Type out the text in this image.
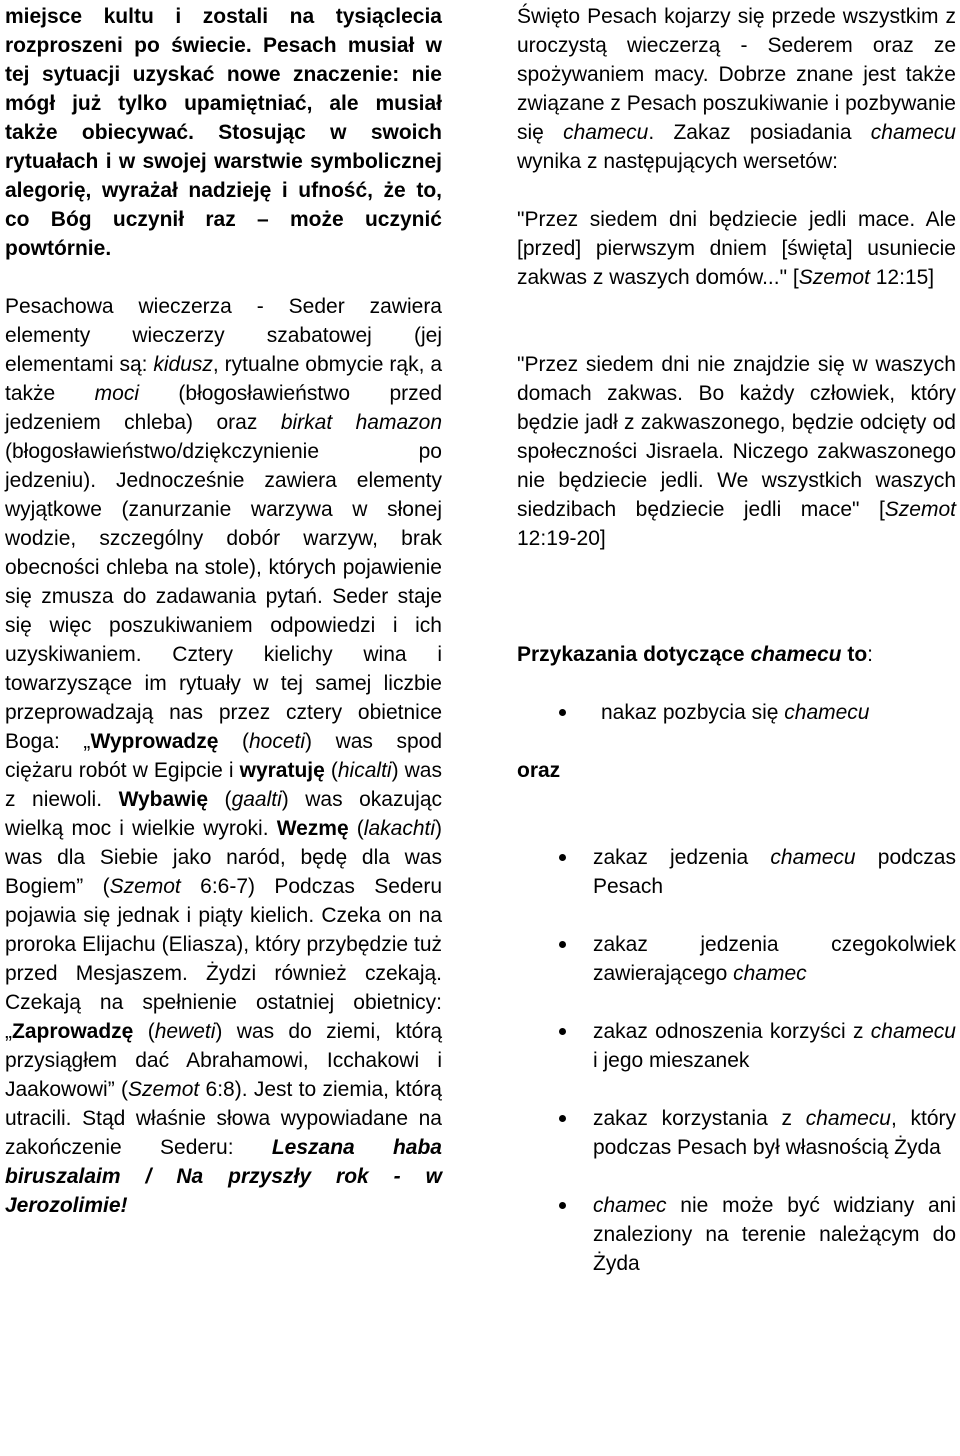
miejsce kultu i zostali na tysiąclecia rozproszeni po świecie. Pesach musiał w tej sytuacji uzyskać nowe znaczenie: nie mógł już tylko upamiętniać, ale musiał także obiecywać. Stosując w swoich rytuałach i w swojej warstwie symbolicznej alegorię, wyrażał nadzieję i ufność, że to, co Bóg uczynił raz – może uczynić powtórnie.

Pesachowa wieczerza - Seder zawiera elementy wieczerzy szabatowej (jej elementami są: kidusz, rytualne obmycie rąk, a także moci (błogosławieństwo przed jedzeniem chleba) oraz birkat hamazon (błogosławieństwo/dziękczynienie po jedzeniu). Jednocześnie zawiera elementy wyjątkowe (zanurzanie warzywa w słonej wodzie, szczególny dobór warzyw, brak obecności chleba na stole), których pojawienie się zmusza do zadawania pytań. Seder staje się więc poszukiwaniem odpowiedzi i ich uzyskiwaniem. Cztery kielichy wina i towarzyszące im rytuały w tej samej liczbie przeprowadzają nas przez cztery obietnice Boga: „Wyprowadzę (hoceti) was spod ciężaru robót w Egipcie i wyratuję (hicalti) was z niewoli. Wybawię (gaalti) was okazując wielką moc i wielkie wyroki. Wezmę (lakachti) was dla Siebie jako naród, będę dla was Bogiem” (Szemot 6:6-7) Podczas Sederu pojawia się jednak i piąty kielich. Czeka on na proroka Elijachu (Eliasza), który przybędzie tuż przed Mesjaszem. Żydzi również czekają. Czekają na spełnienie ostatniej obietnicy: „Zaprowadzę (heweti) was do ziemi, którą przysiągłem dać Abrahamowi, Icchakowi i Jaakowowi” (Szemot 6:8). Jest to ziemia, którą utracili. Stąd właśnie słowa wypowiadane na zakończenie Sederu: Leszana haba biruszalaim / Na przyszły rok - w Jerozolimie!

Święto Pesach kojarzy się przede wszystkim z uroczystą wieczerzą - Sederem oraz ze spożywaniem macy. Dobrze znane jest także związane z Pesach poszukiwanie i pozbywanie się chamecu. Zakaz posiadania chamecu wynika z następujących wersetów:

"Przez siedem dni będziecie jedli mace. Ale [przed] pierwszym dniem [święta] usuniecie zakwas z waszych domów..." [Szemot 12:15]

"Przez siedem dni nie znajdzie się w waszych domach zakwas. Bo każdy człowiek, który będzie jadł z zakwaszonego, będzie odcięty od społeczności Jisraela. Niczego zakwaszonego nie będziecie jedli. We wszystkich waszych siedzibach będziecie jedli mace" [Szemot 12:19-20]

Przykazania dotyczące chamecu to:

nakaz pozbycia się chamecu

oraz

zakaz jedzenia chamecu podczas Pesach
zakaz jedzenia czegokolwiek zawierającego chamec
zakaz odnoszenia korzyści z chamecu i jego mieszanek
zakaz korzystania z chamecu, który podczas Pesach był własnością Żyda
chamec nie może być widziany ani znaleziony na terenie należącym do Żyda
